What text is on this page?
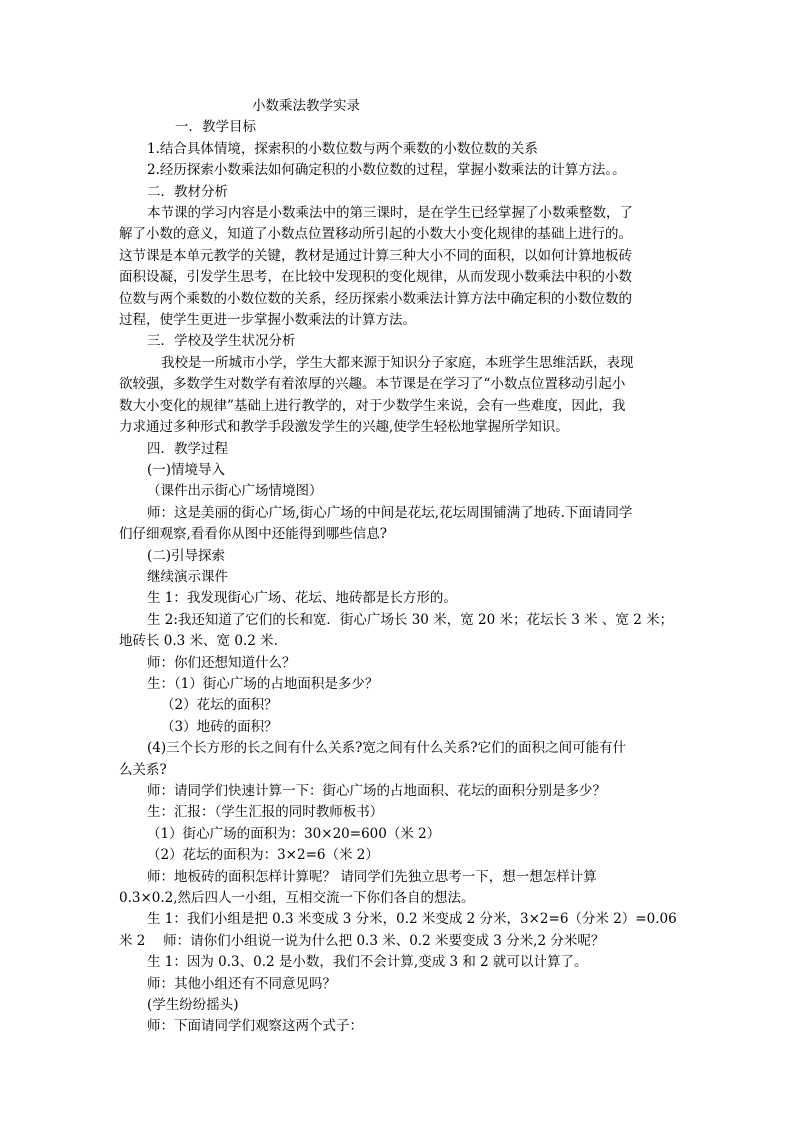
小数乘法教学实录
一．教学目标
1.结合具体情境，探索积的小数位数与两个乘数的小数位数的关系
2.经历探索小数乘法如何确定积的小数位数的过程，掌握小数乘法的计算方法。。
二．教材分析
本节课的学习内容是小数乘法中的第三课时，是在学生已经掌握了小数乘整数，了
解了小数的意义，知道了小数点位置移动所引起的小数大小变化规律的基础上进行的。
这节课是本单元教学的关键，教材是通过计算三种大小不同的面积，以如何计算地板砖
面积设凝，引发学生思考，在比较中发现积的变化规律，从而发现小数乘法中积的小数
位数与两个乘数的小数位数的关系，经历探索小数乘法计算方法中确定积的小数位数的
过程，使学生更进一步掌握小数乘法的计算方法。
三．学校及学生状况分析
我校是一所城市小学，学生大都来源于知识分子家庭，本班学生思维活跃，表现
欲较强，多数学生对数学有着浓厚的兴趣。本节课是在学习了“小数点位置移动引起小
数大小变化的规律”基础上进行教学的，对于少数学生来说，会有一些难度，因此，我
力求通过多种形式和教学手段激发学生的兴趣,使学生轻松地掌握所学知识。
四．教学过程
(一)情境导入
（课件出示街心广场情境图）
师：这是美丽的街心广场,街心广场的中间是花坛,花坛周围铺满了地砖.下面请同学
们仔细观察,看看你从图中还能得到哪些信息?
(二)引导探索
继续演示课件
生 1：我发现街心广场、花坛、地砖都是长方形的。
生 2:我还知道了它们的长和宽．街心广场长 30 米，宽 20 米；花坛长 3 米 、宽 2 米；
地砖长 0.3 米、宽 0.2 米.
师：你们还想知道什么？
生：（1）街心广场的占地面积是多少？
（2）花坛的面积？
（3）地砖的面积？
(4)三个长方形的长之间有什么关系?宽之间有什么关系?它们的面积之间可能有什
么关系?
师：请同学们快速计算一下：街心广场的占地面积、花坛的面积分别是多少？
生：汇报：（学生汇报的同时教师板书）
（1）街心广场的面积为：30×20=600（米 2）
（2）花坛的面积为：3×2=6（米 2）
师：地板砖的面积怎样计算呢？ 请同学们先独立思考一下，想一想怎样计算
0.3×0.2,然后四人一小组，互相交流一下你们各自的想法。
生 1：我们小组是把 0.3 米变成 3 分米，0.2 米变成 2 分米，3×2=6（分米 2）=0.06
米 2　 师：请你们小组说一说为什么把 0.3 米、0.2 米要变成 3 分米,2 分米呢？
生 1：因为 0.3、0.2 是小数，我们不会计算,变成 3 和 2 就可以计算了。
师：其他小组还有不同意见吗？
(学生纷纷摇头)
师：下面请同学们观察这两个式子：
